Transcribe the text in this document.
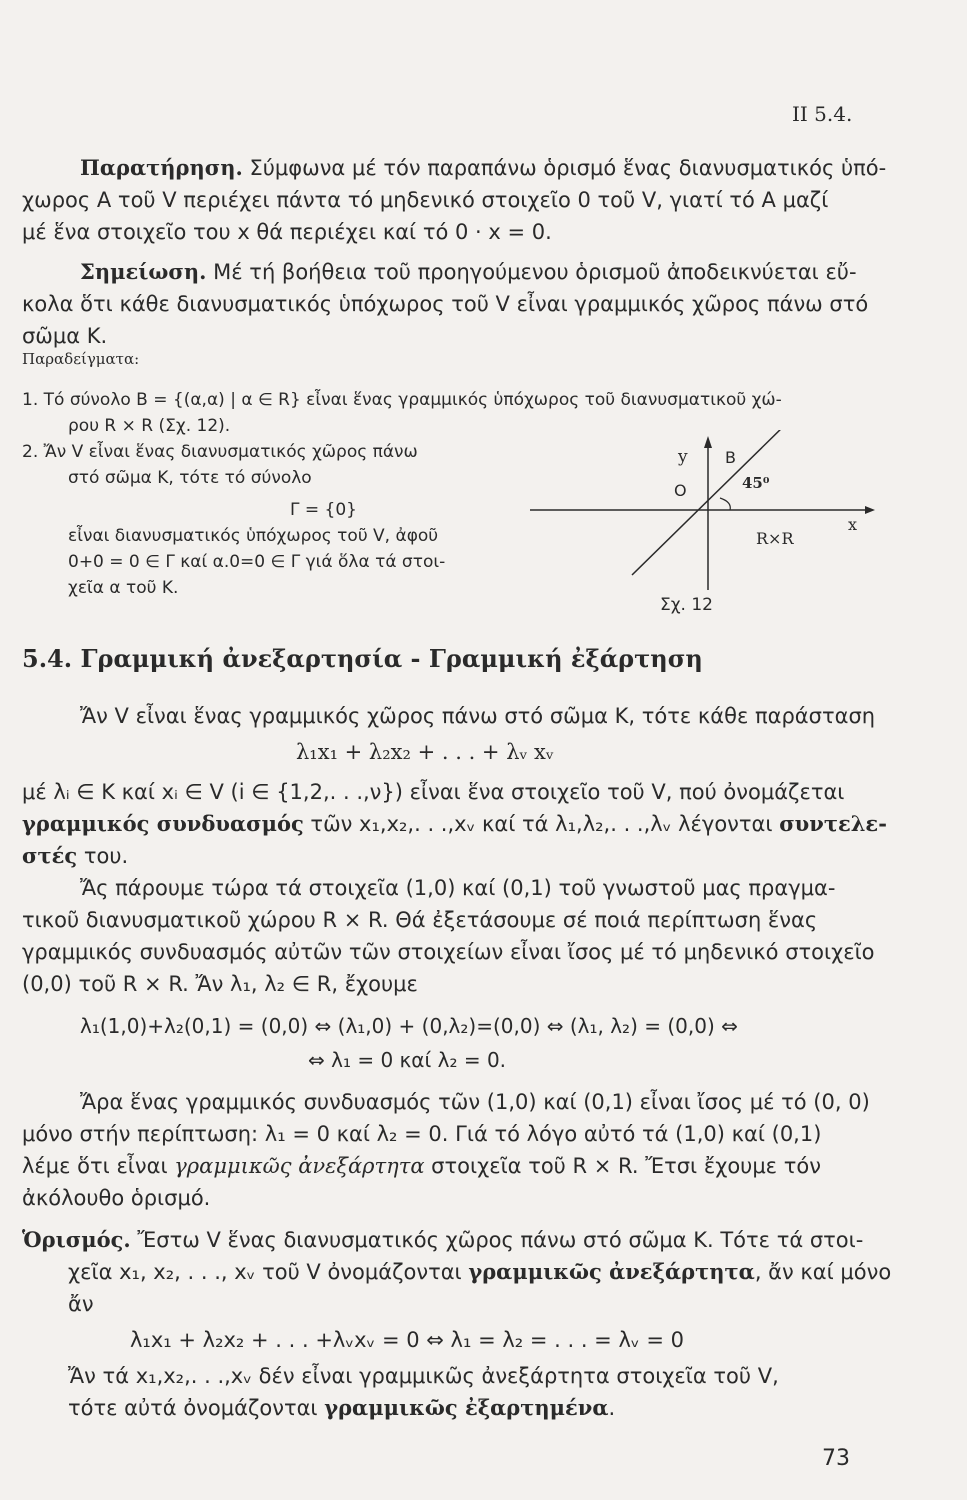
II 5.4.
Παρατήρηση. Σύμφωνα μέ τόν παραπάνω ὁρισμό ἕνας διανυσματικός ὑπό-
χωρος A τοῦ V περιέχει πάντα τό μηδενικό στοιχεῖο 0 τοῦ V, γιατί τό A μαζί
μέ ἕνα στοιχεῖο του x θά περιέχει καί τό 0 · x = 0.
Σημείωση. Μέ τή βοήθεια τοῦ προηγούμενου ὁρισμοῦ ἀποδεικνύεται εὔ-
κολα ὅτι κάθε διανυσματικός ὑπόχωρος τοῦ V εἶναι γραμμικός χῶρος πάνω στό
σῶμα K.
Παραδείγματα:
1. Τό σύνολο B = {(α,α) | α ∈ R} εἶναι ἕνας γραμμικός ὑπόχωρος τοῦ διανυσματικοῦ χώ-
ρου R × R (Σχ. 12).
2. Ἄν V εἶναι ἕνας διανυσματικός χῶρος πάνω
στό σῶμα K, τότε τό σύνολο
Γ = {0}
εἶναι διανυσματικός ὑπόχωρος τοῦ V, ἀφοῦ
0+0 = 0 ∈ Γ καί α.0=0 ∈ Γ γιά ὅλα τά στοι-
χεῖα α τοῦ K.
y B
O	45⁰
x
R×R
Σχ. 12
5.4. Γραμμική ἀνεξαρτησία - Γραμμική ἐξάρτηση
Ἄν V εἶναι ἕνας γραμμικός χῶρος πάνω στό σῶμα K, τότε κάθε παράσταση
λ₁x₁ + λ₂x₂ + . . . + λᵥ xᵥ
μέ λᵢ ∈ K καί xᵢ ∈ V (i ∈ {1,2,. . .,ν}) εἶναι ἕνα στοιχεῖο τοῦ V, πού ὀνομάζεται
γραμμικός συνδυασμός τῶν x₁,x₂,. . .,xᵥ καί τά λ₁,λ₂,. . .,λᵥ λέγονται συντελε-
στές του.
Ἄς πάρουμε τώρα τά στοιχεῖα (1,0) καί (0,1) τοῦ γνωστοῦ μας πραγμα-
τικοῦ διανυσματικοῦ χώρου R × R. Θά ἐξετάσουμε σέ ποιά περίπτωση ἕνας
γραμμικός συνδυασμός αὐτῶν τῶν στοιχείων εἶναι ἴσος μέ τό μηδενικό στοιχεῖο
(0,0) τοῦ R × R. Ἄν λ₁, λ₂ ∈ R, ἔχουμε
λ₁(1,0)+λ₂(0,1) = (0,0) ⇔ (λ₁,0) + (0,λ₂)=(0,0) ⇔ (λ₁, λ₂) = (0,0) ⇔
⇔ λ₁ = 0 καί λ₂ = 0.
Ἄρα ἕνας γραμμικός συνδυασμός τῶν (1,0) καί (0,1) εἶναι ἴσος μέ τό (0, 0)
μόνο στήν περίπτωση: λ₁ = 0 καί λ₂ = 0. Γιά τό λόγο αὐτό τά (1,0) καί (0,1)
λέμε ὅτι εἶναι γραμμικῶς ἀνεξάρτητα στοιχεῖα τοῦ R × R. Ἔτσι ἔχουμε τόν
ἀκόλουθο ὁρισμό.
Ὁρισμός. Ἔστω V ἕνας διανυσματικός χῶρος πάνω στό σῶμα K. Τότε τά στοι-
χεῖα x₁, x₂, . . ., xᵥ τοῦ V ὀνομάζονται γραμμικῶς ἀνεξάρτητα, ἄν καί μόνο
ἄν
λ₁x₁ + λ₂x₂ + . . . +λᵥxᵥ = 0 ⇔ λ₁ = λ₂ = . . . = λᵥ = 0
Ἄν τά x₁,x₂,. . .,xᵥ δέν εἶναι γραμμικῶς ἀνεξάρτητα στοιχεῖα τοῦ V,
τότε αὐτά ὀνομάζονται γραμμικῶς ἐξαρτημένα.
73
